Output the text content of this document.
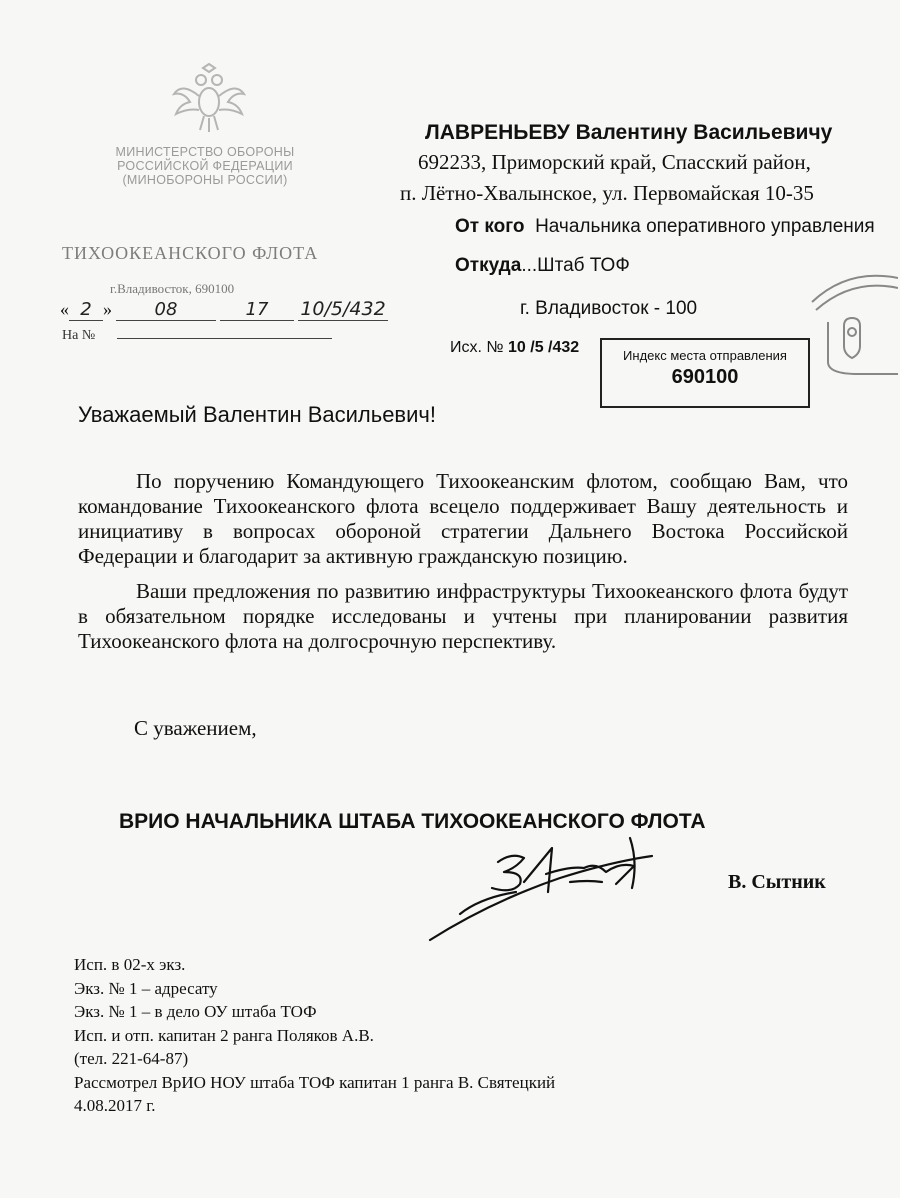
МИНИСТЕРСТВО ОБОРОНЫ
РОССИЙСКОЙ ФЕДЕРАЦИИ
(МИНОБОРОНЫ РОССИИ)
ТИХООКЕАНСКОГО ФЛОТА
г.Владивосток, 690100
« 2 » 08	17 10/5/432
На №
ЛАВРЕНЬЕВУ Валентину Васильевичу
692233, Приморский край, Спасский район,
п. Лётно-Хвалынское, ул. Первомайская 10-35
От кого Начальника оперативного управления
Откуда...Штаб ТОФ
г. Владивосток - 100
Исх. № 10 /5 /432	Индекс места отправления
690100
Уважаемый Валентин Васильевич!
По поручению Командующего Тихоокеанским флотом, сообщаю Вам, что командование Тихоокеанского флота всецело поддерживает Вашу деятельность и инициативу в вопросах обороной стратегии Дальнего Востока Российской Федерации и благодарит за активную гражданскую позицию.
Ваши предложения по развитию инфраструктуры Тихоокеанского флота будут в обязательном порядке исследованы и учтены при планировании развития Тихоокеанского флота на долгосрочную перспективу.
С уважением,
ВРИО НАЧАЛЬНИКА ШТАБА ТИХООКЕАНСКОГО ФЛОТА
В. Сытник
Исп. в 02-х экз.
Экз. № 1 – адресату
Экз. № 1 – в дело ОУ штаба ТОФ
Исп. и отп. капитан 2 ранга Поляков А.В.
(тел. 221-64-87)
Рассмотрел ВрИО НОУ штаба ТОФ капитан 1 ранга В. Святецкий
4.08.2017 г.
